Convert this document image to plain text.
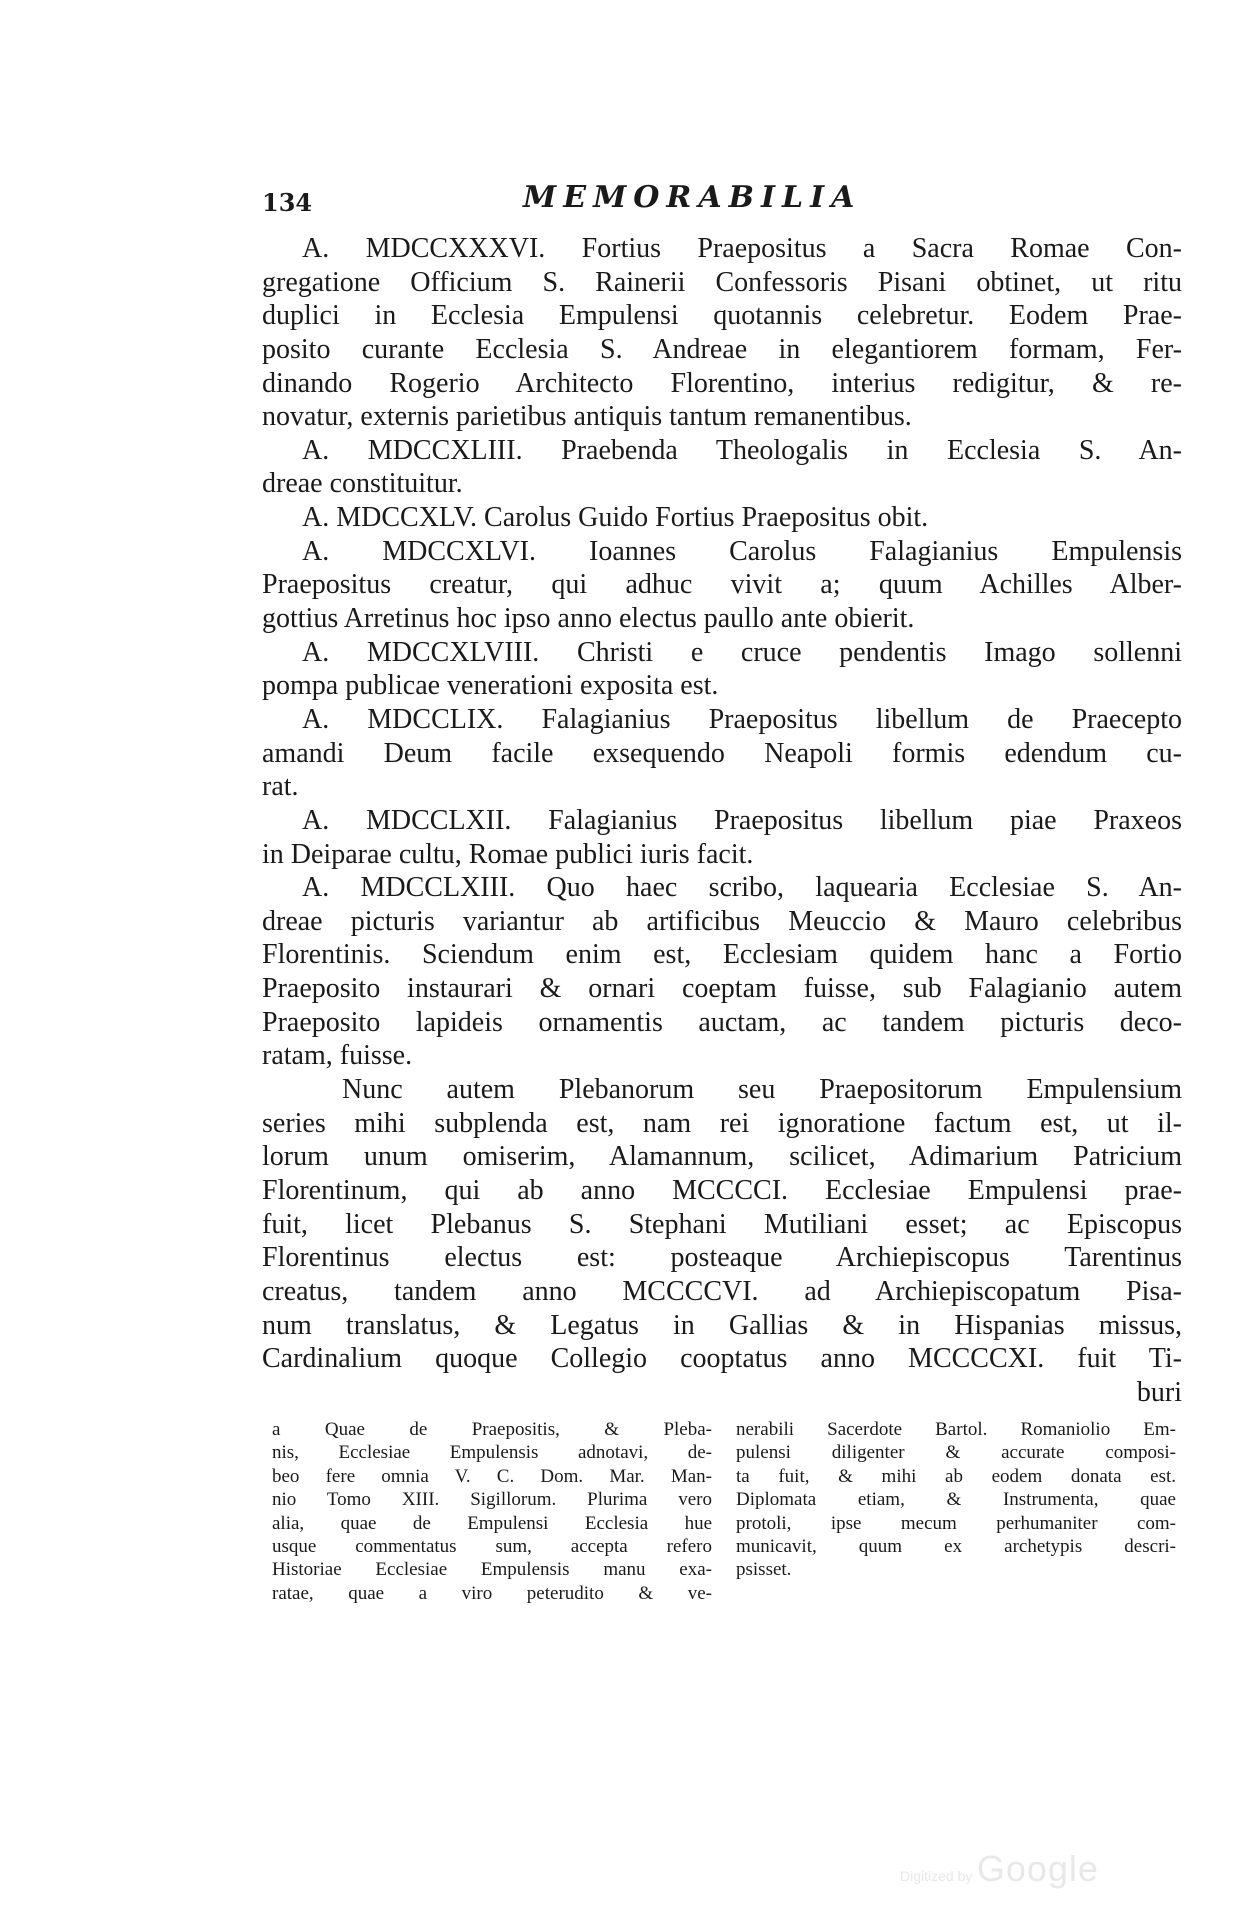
134	MEMORABILIA
A. MDCCXXXVI. Fortius Praepositus a Sacra Romae Con-
gregatione Officium S. Rainerii Confessoris Pisani obtinet, ut ritu
duplici in Ecclesia Empulensi quotannis celebretur. Eodem Prae-
posito curante Ecclesia S. Andreae in elegantiorem formam, Fer-
dinando Rogerio Architecto Florentino, interius redigitur, & re-
novatur, externis parietibus antiquis tantum remanentibus.
A. MDCCXLIII. Praebenda Theologalis in Ecclesia S. An-
dreae constituitur.
A. MDCCXLV. Carolus Guido Fortius Praepositus obit.
A. MDCCXLVI. Ioannes Carolus Falagianius Empulensis
Praepositus creatur, qui adhuc vivit a; quum Achilles Alber-
gottius Arretinus hoc ipso anno electus paullo ante obierit.
A. MDCCXLVIII. Christi e cruce pendentis Imago sollenni
pompa publicae venerationi exposita est.
A. MDCCLIX. Falagianius Praepositus libellum de Praecepto
amandi Deum facile exsequendo Neapoli formis edendum cu-
rat.
A. MDCCLXII. Falagianius Praepositus libellum piae Praxeos
in Deiparae cultu, Romae publici iuris facit.
A. MDCCLXIII. Quo haec scribo, laquearia Ecclesiae S. An-
dreae picturis variantur ab artificibus Meuccio & Mauro celebribus
Florentinis. Sciendum enim est, Ecclesiam quidem hanc a Fortio
Praeposito instaurari & ornari coeptam fuisse, sub Falagianio autem
Praeposito lapideis ornamentis auctam, ac tandem picturis deco-
ratam, fuisse.
Nunc autem Plebanorum seu Praepositorum Empulensium
series mihi subplenda est, nam rei ignoratione factum est, ut il-
lorum unum omiserim, Alamannum, scilicet, Adimarium Patricium
Florentinum, qui ab anno MCCCCI. Ecclesiae Empulensi prae-
fuit, licet Plebanus S. Stephani Mutiliani esset; ac Episcopus
Florentinus electus est: posteaque Archiepiscopus Tarentinus
creatus, tandem anno MCCCCVI. ad Archiepiscopatum Pisa-
num translatus, & Legatus in Gallias & in Hispanias missus,
Cardinalium quoque Collegio cooptatus anno MCCCCXI. fuit Ti-
buri
a Quae de Praepositis, & Pleba-
nis, Ecclesiae Empulensis adnotavi, de-
beo fere omnia V. C. Dom. Mar. Man-
nio Tomo XIII. Sigillorum. Plurima vero
alia, quae de Empulensi Ecclesia hue
usque commentatus sum, accepta refero
Historiae Ecclesiae Empulensis manu exa-
ratae, quae a viro peterudito & ve-
nerabili Sacerdote Bartol. Romaniolio Em-
pulensi diligenter & accurate composi-
ta fuit, & mihi ab eodem donata est.
Diplomata etiam, & Instrumenta, quae
protoli, ipse mecum perhumaniter com-
municavit, quum ex archetypis descri-
psisset.
Digitized by Google
